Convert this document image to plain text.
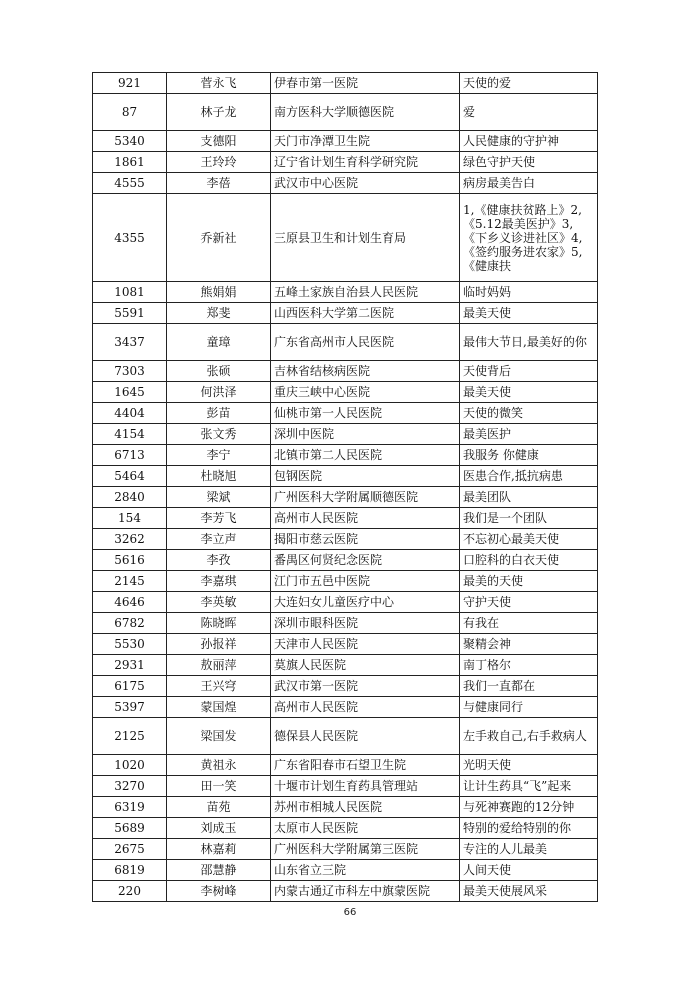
921	菅永飞	伊春市第一医院	天使的爱
87	林子龙	南方医科大学顺德医院	爱
5340	支德阳	天门市净潭卫生院	人民健康的守护神
1861	王玲玲	辽宁省计划生育科学研究院	绿色守护天使
4555	李蓓	武汉市中心医院	病房最美告白
4355	乔新社	三原县卫生和计划生育局	1,《健康扶贫路上》2,《5.12最美医护》3,《下乡义诊进社区》4,《签约服务进农家》5,《健康扶
1081	熊娟娟	五峰土家族自治县人民医院	临时妈妈
5591	郑斐	山西医科大学第二医院	最美天使
3437	童璋	广东省高州市人民医院	最伟大节日,最美好的你
7303	张硕	吉林省结核病医院	天使背后
1645	何洪泽	重庆三峡中心医院	最美天使
4404	彭苗	仙桃市第一人民医院	天使的微笑
4154	张文秀	深圳中医院	最美医护
6713	李宁	北镇市第二人民医院	我服务 你健康
5464	杜晓旭	包钢医院	医患合作,抵抗病患
2840	梁斌	广州医科大学附属顺德医院	最美团队
154	李芳飞	高州市人民医院	我们是一个团队
3262	李立声	揭阳市慈云医院	不忘初心最美天使
5616	李孜	番禺区何贤纪念医院	口腔科的白衣天使
2145	李嘉琪	江门市五邑中医院	最美的天使
4646	李英敏	大连妇女儿童医疗中心	守护天使
6782	陈晓晖	深圳市眼科医院	有我在
5530	孙报祥	天津市人民医院	聚精会神
2931	敖丽萍	莫旗人民医院	南丁格尔
6175	王兴穹	武汉市第一医院	我们一直都在
5397	蒙国煌	高州市人民医院	与健康同行
2125	梁国发	德保县人民医院	左手救自己,右手救病人
1020	黄祖永	广东省阳春市石望卫生院	光明天使
3270	田一笑	十堰市计划生育药具管理站	让计生药具“飞”起来
6319	苗苑	苏州市相城人民医院	与死神赛跑的12分钟
5689	刘成玉	太原市人民医院	特别的爱给特别的你
2675	林嘉莉	广州医科大学附属第三医院	专注的人儿最美
6819	邵慧静	山东省立三院	人间天使
220	李树峰	内蒙古通辽市科左中旗蒙医院	最美天使展风采
66
